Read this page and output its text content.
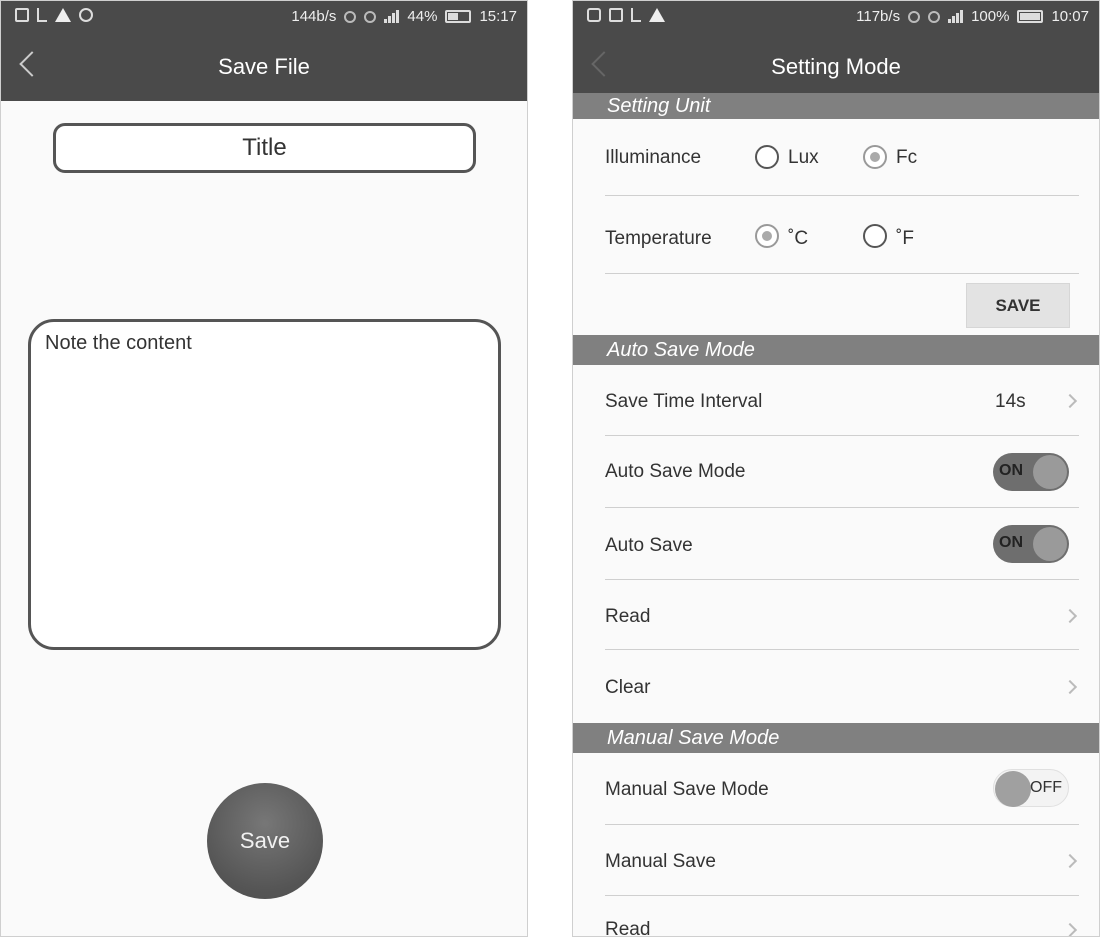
144b/s	44%	15:17
Save File
Title
Note the content
Save
117b/s	100%	10:07
Setting Mode
Setting Unit
Illuminance	Lux	Fc
Temperature	˚C	˚F
SAVE
Auto Save Mode
Save Time Interval	14s
Auto Save Mode	ON
Auto Save	ON
Read
Clear
Manual Save Mode
Manual Save Mode	OFF
Manual Save
Read
